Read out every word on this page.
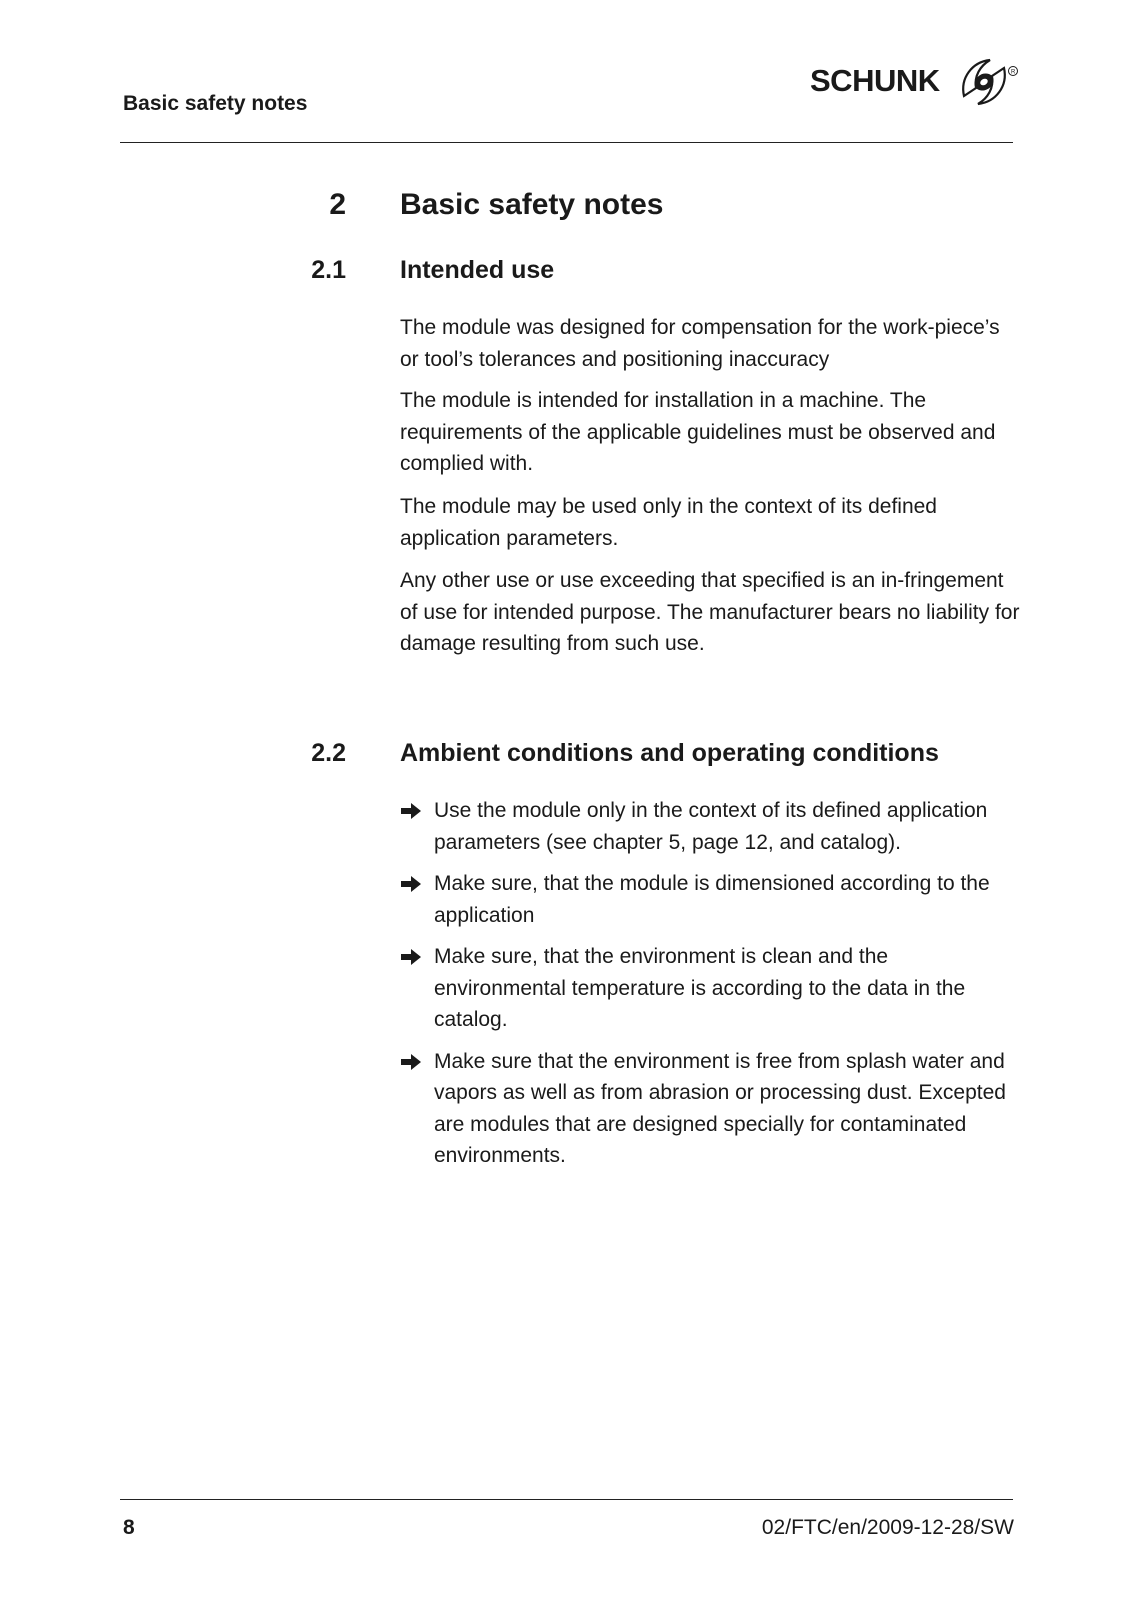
Basic safety notes
SCHUNK	R
2 Basic safety notes
2.1 Intended use

The module was designed for compensation for the work-piece’s or tool’s tolerances and positioning inaccuracy

The module is intended for installation in a machine. The requirements of the applicable guidelines must be observed and complied with.

The module may be used only in the context of its defined application parameters.

Any other use or use exceeding that specified is an in-fringement of use for intended purpose. The manufacturer bears no liability for damage resulting from such use.

2.2 Ambient conditions and operating conditions
Use the module only in the context of its defined application parameters (see chapter 5, page 12, and catalog).
Make sure, that the module is dimensioned according to the application
Make sure, that the environment is clean and the environmental temperature is according to the data in the catalog.
Make sure that the environment is free from splash water and vapors as well as from abrasion or processing dust. Excepted are modules that are designed specially for contaminated environments.
8	02/FTC/en/2009-12-28/SW
